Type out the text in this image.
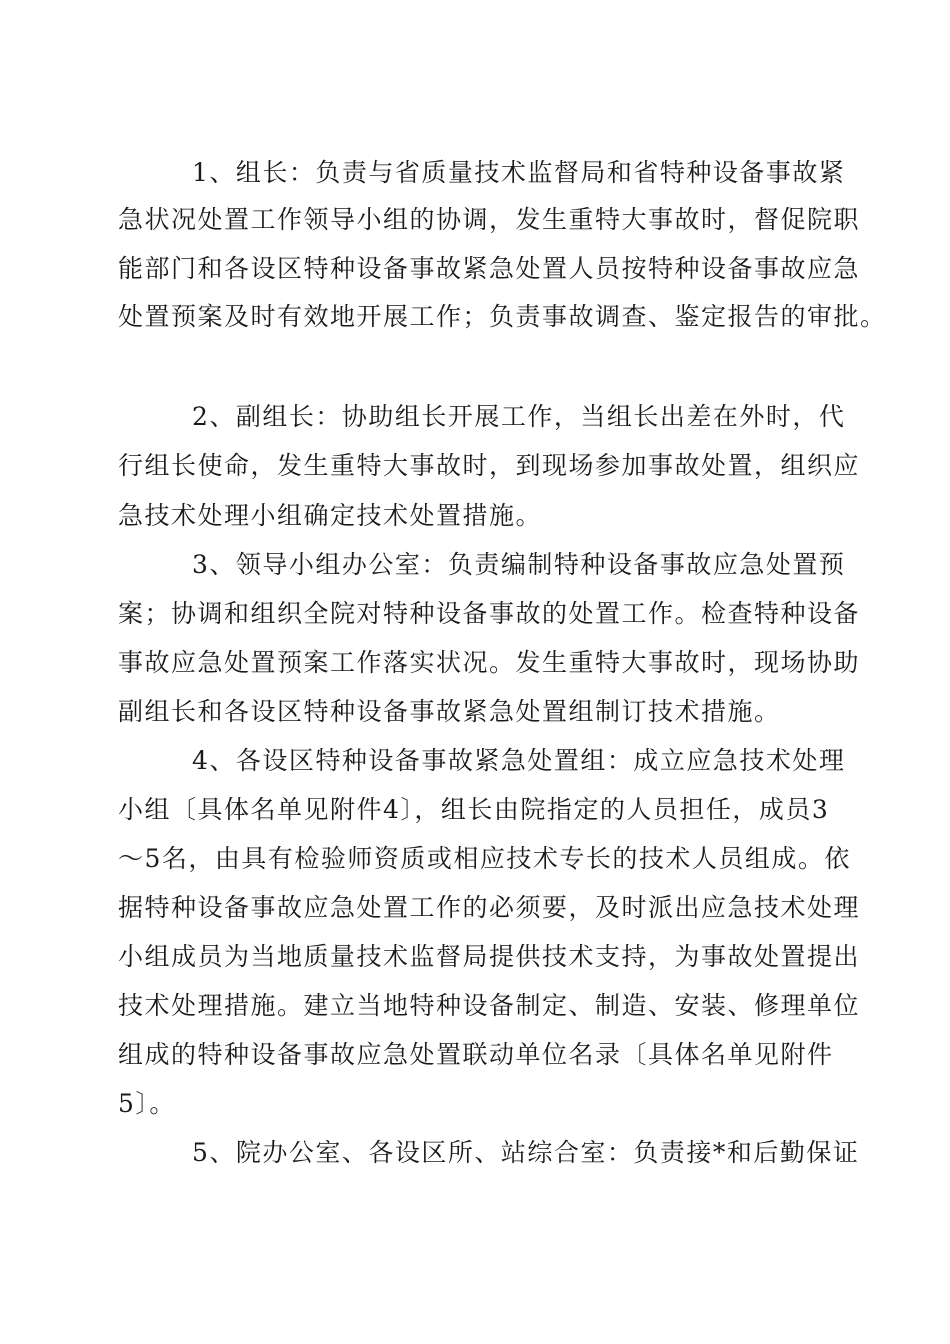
1、组长：负责与省质量技术监督局和省特种设备事故紧
急状况处置工作领导小组的协调，发生重特大事故时，督促院职
能部门和各设区特种设备事故紧急处置人员按特种设备事故应急
处置预案及时有效地开展工作；负责事故调查、鉴定报告的审批。
2、副组长：协助组长开展工作，当组长出差在外时，代
行组长使命，发生重特大事故时，到现场参加事故处置，组织应
急技术处理小组确定技术处置措施。
3、领导小组办公室：负责编制特种设备事故应急处置预
案；协调和组织全院对特种设备事故的处置工作。检查特种设备
事故应急处置预案工作落实状况。发生重特大事故时，现场协助
副组长和各设区特种设备事故紧急处置组制订技术措施。
4、各设区特种设备事故紧急处置组：成立应急技术处理
小组〔具体名单见附件4〕，组长由院指定的人员担任，成员3
～5名，由具有检验师资质或相应技术专长的技术人员组成。依
据特种设备事故应急处置工作的必须要，及时派出应急技术处理
小组成员为当地质量技术监督局提供技术支持，为事故处置提出
技术处理措施。建立当地特种设备制定、制造、安装、修理单位
组成的特种设备事故应急处置联动单位名录〔具体名单见附件
5〕。
5、院办公室、各设区所、站综合室：负责接*和后勤保证
